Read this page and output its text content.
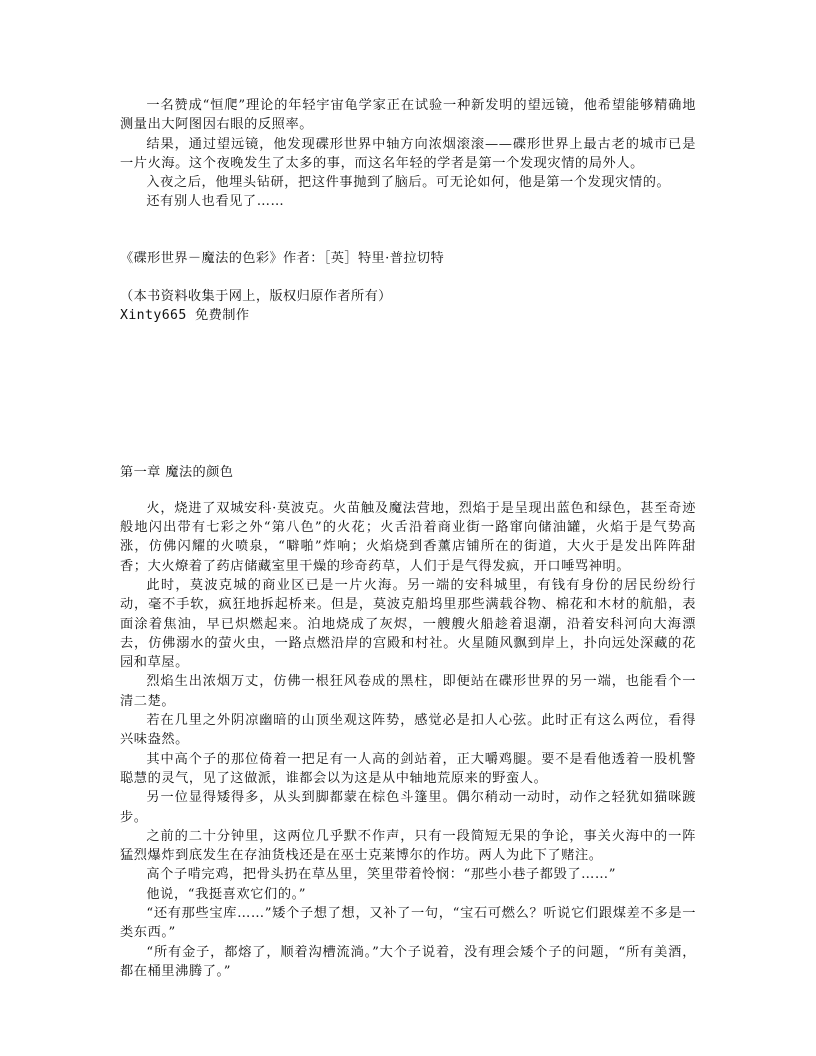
一名赞成“恒爬”理论的年轻宇宙龟学家正在试验一种新发明的望远镜，他希望能够精确地测量出大阿图因右眼的反照率。

结果，通过望远镜，他发现碟形世界中轴方向浓烟滚滚——碟形世界上最古老的城市已是一片火海。这个夜晚发生了太多的事，而这名年轻的学者是第一个发现灾情的局外人。

入夜之后，他埋头钻研，把这件事抛到了脑后。可无论如何，他是第一个发现灾情的。

还有别人也看见了……

《碟形世界－魔法的色彩》作者：［英］特里·普拉切特

（本书资料收集于网上，版权归原作者所有）

Xinty665 免费制作

第一章 魔法的颜色

火，烧进了双城安科·莫波克。火苗触及魔法营地，烈焰于是呈现出蓝色和绿色，甚至奇迹般地闪出带有七彩之外“第八色”的火花；火舌沿着商业街一路窜向储油罐，火焰于是气势高涨，仿佛闪耀的火喷泉，“噼啪”炸响；火焰烧到香薰店铺所在的街道，大火于是发出阵阵甜香；大火燎着了药店储藏室里干燥的珍奇药草，人们于是气得发疯，开口唾骂神明。

此时，莫波克城的商业区已是一片火海。另一端的安科城里，有钱有身份的居民纷纷行动，毫不手软，疯狂地拆起桥来。但是，莫波克船坞里那些满载谷物、棉花和木材的航船，表面涂着焦油，早已炽燃起来。泊地烧成了灰烬，一艘艘火船趁着退潮，沿着安科河向大海漂去，仿佛溺水的萤火虫，一路点燃沿岸的宫殿和村社。火星随风飘到岸上，扑向远处深藏的花园和草屋。

烈焰生出浓烟万丈，仿佛一根狂风卷成的黑柱，即便站在碟形世界的另一端，也能看个一清二楚。

若在几里之外阴凉幽暗的山顶坐观这阵势，感觉必是扣人心弦。此时正有这么两位，看得兴味盎然。

其中高个子的那位倚着一把足有一人高的剑站着，正大嚼鸡腿。要不是看他透着一股机警聪慧的灵气，见了这做派，谁都会以为这是从中轴地荒原来的野蛮人。

另一位显得矮得多，从头到脚都蒙在棕色斗篷里。偶尔稍动一动时，动作之轻犹如猫咪踱步。

之前的二十分钟里，这两位几乎默不作声，只有一段简短无果的争论，事关火海中的一阵猛烈爆炸到底发生在存油货栈还是在巫士克莱博尔的作坊。两人为此下了赌注。

高个子啃完鸡，把骨头扔在草丛里，笑里带着怜悯：“那些小巷子都毁了……”

他说，“我挺喜欢它们的。”

“还有那些宝库……”矮个子想了想，又补了一句，“宝石可燃么？听说它们跟煤差不多是一类东西。”

“所有金子，都熔了，顺着沟槽流淌。”大个子说着，没有理会矮个子的问题，“所有美酒，都在桶里沸腾了。”
